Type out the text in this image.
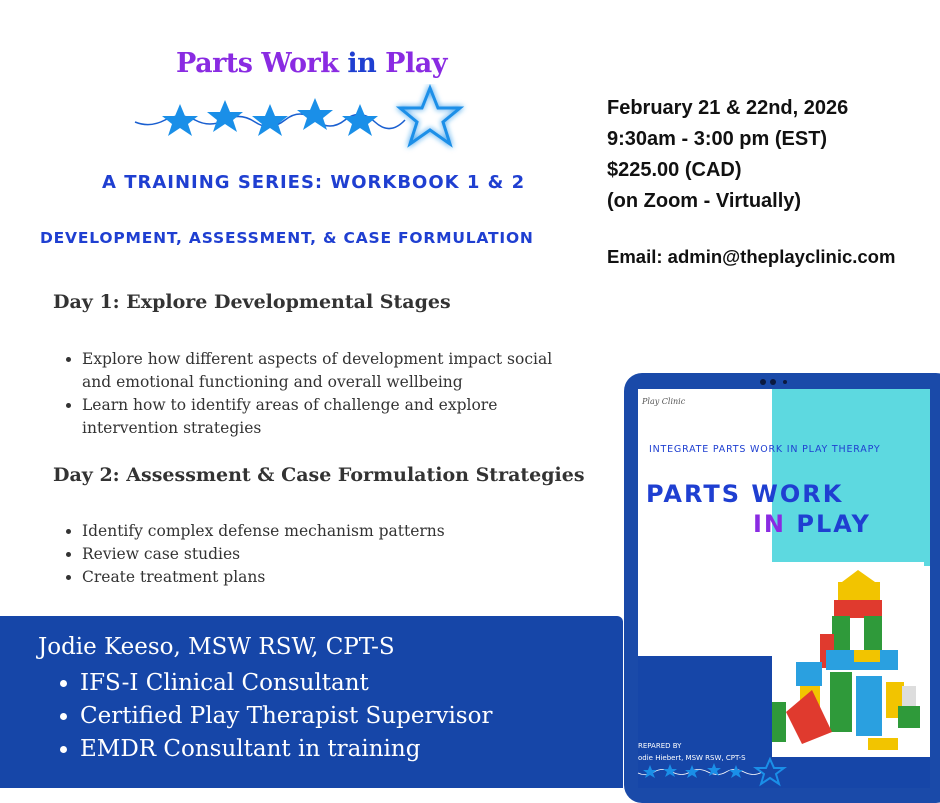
Parts Work in Play
A TRAINING SERIES: WORKBOOK 1 & 2
DEVELOPMENT, ASSESSMENT, & CASE FORMULATION
Day 1: Explore Developmental Stages
• Explore how different aspects of development impact social and emotional functioning and overall wellbeing
• Learn how to identify areas of challenge and explore intervention strategies
Day 2: Assessment & Case Formulation Strategies
• Identify complex defense mechanism patterns
• Review case studies
• Create treatment plans
February 21 & 22nd, 2026
9:30am - 3:00 pm (EST)
$225.00 (CAD)
(on Zoom - Virtually)
Email: admin@theplayclinic.com
Jodie Keeso, MSW RSW, CPT-S
• IFS-I Clinical Consultant
• Certified Play Therapist Supervisor
• EMDR Consultant in training
Play Clinic
INTEGRATE PARTS WORK IN PLAY THERAPY
PARTS WORK
IN PLAY
REPARED BY
odie Hiebert, MSW RSW, CPT-S
